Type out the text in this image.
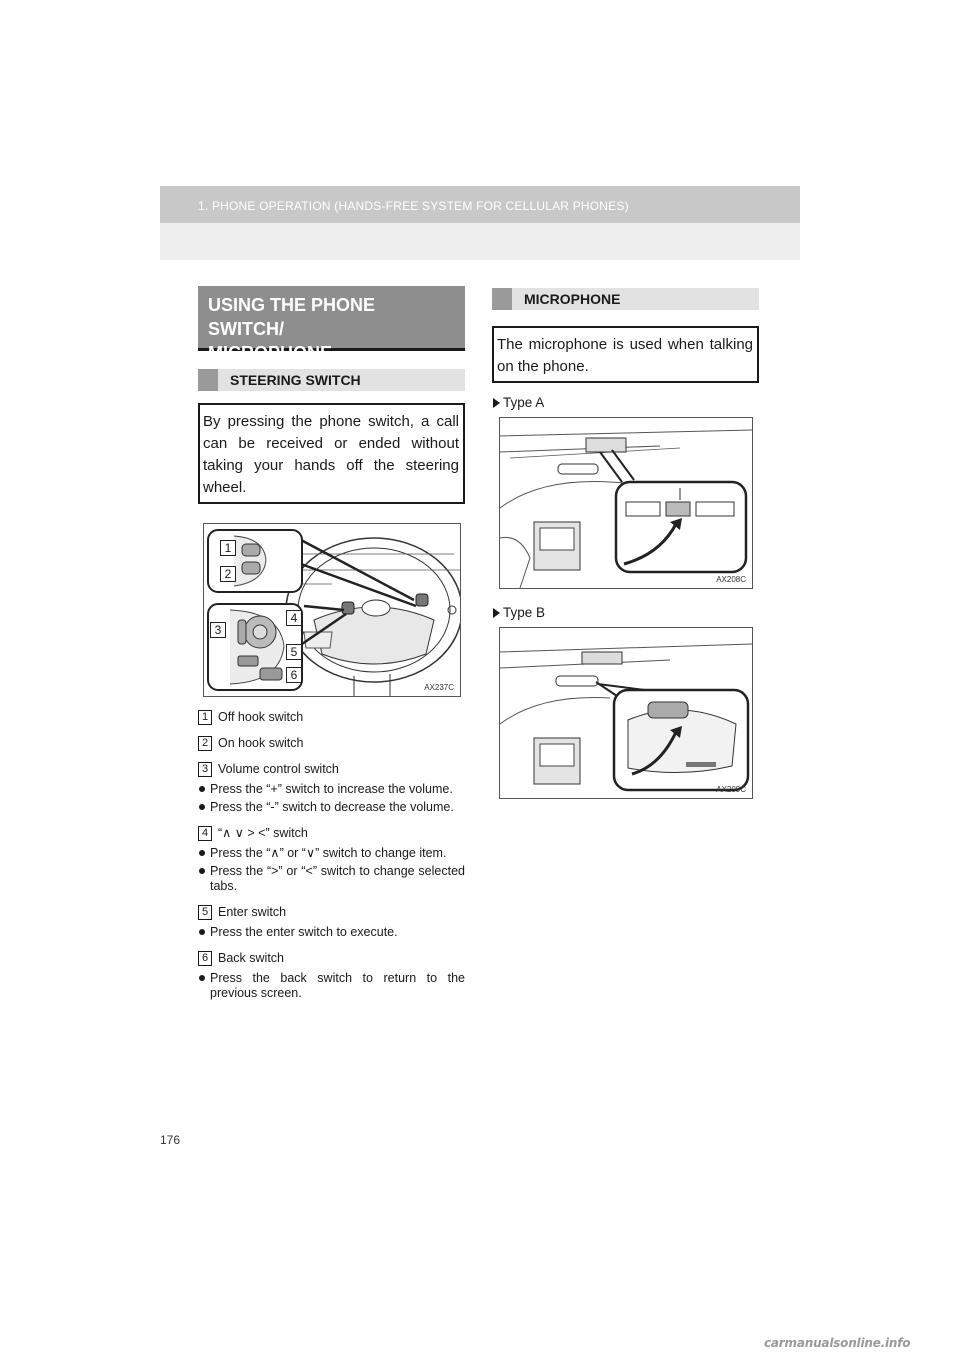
1. PHONE OPERATION (HANDS-FREE SYSTEM FOR CELLULAR PHONES)
USING THE PHONE SWITCH/
MICROPHONE
STEERING SWITCH
By pressing the phone switch, a call can be received or ended without taking your hands off the steering wheel.
1
2
3
4
5
6
AX237C
1 Off hook switch
2 On hook switch
3 Volume control switch
Press the “+” switch to increase the volume.
Press the “-” switch to decrease the volume.
4 “∧ ∨ > <” switch
Press the “∧” or “∨” switch to change item.
Press the “>” or “<” switch to change selected tabs.
5 Enter switch
Press the enter switch to execute.
6 Back switch
Press the back switch to return to the previous screen.
MICROPHONE
The microphone is used when talking on the phone.
Type A
AX208C
Type B
AX209C
176
carmanualsonline.info
